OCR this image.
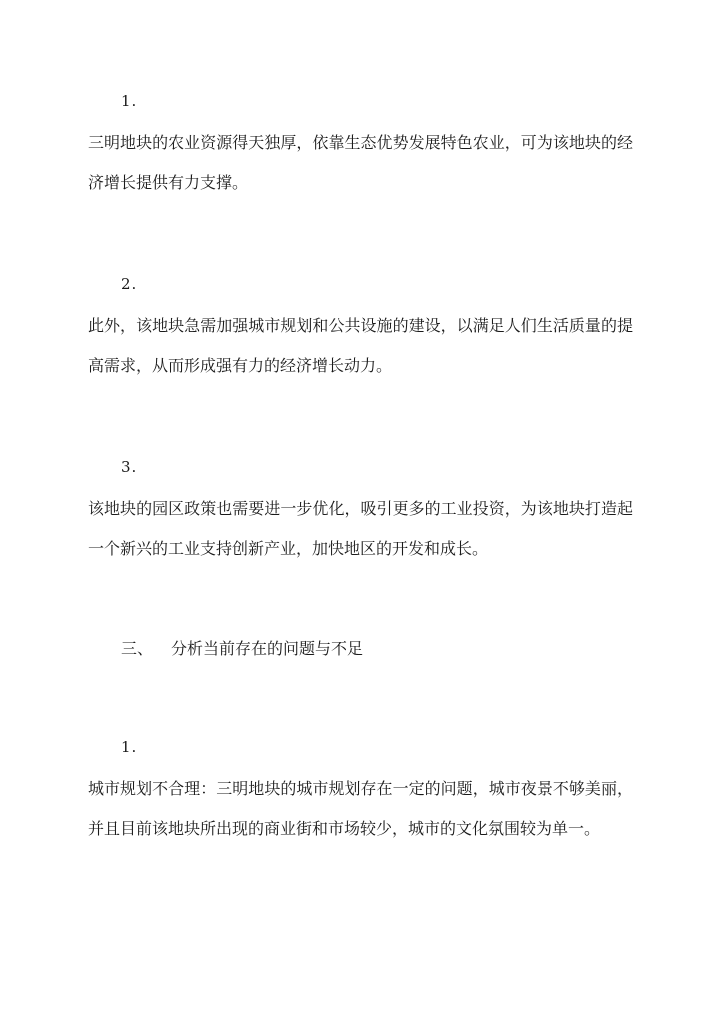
1.
三明地块的农业资源得天独厚，依靠生态优势发展特色农业，可为该地块的经济增长提供有力支撑。
2.
此外，该地块急需加强城市规划和公共设施的建设，以满足人们生活质量的提高需求，从而形成强有力的经济增长动力。
3.
该地块的园区政策也需要进一步优化，吸引更多的工业投资，为该地块打造起一个新兴的工业支持创新产业，加快地区的开发和成长。
三、 分析当前存在的问题与不足
1.
城市规划不合理：三明地块的城市规划存在一定的问题，城市夜景不够美丽，并且目前该地块所出现的商业街和市场较少，城市的文化氛围较为单一。
